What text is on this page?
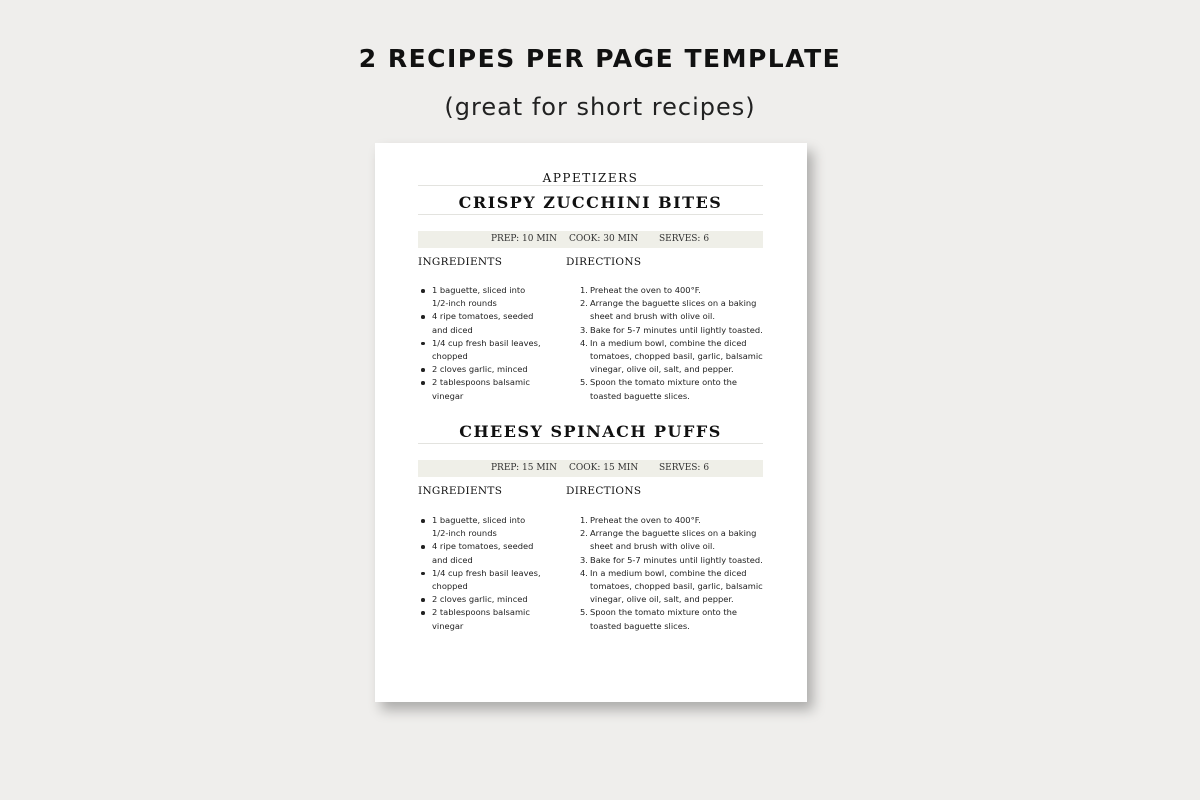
2 RECIPES PER PAGE TEMPLATE
(great for short recipes)
APPETIZERS
CRISPY ZUCCHINI BITES
PREP: 10 MIN COOK: 30 MIN SERVES: 6
INGREDIENTS	DIRECTIONS
1 baguette, sliced into 1/2-inch rounds
4 ripe tomatoes, seeded and diced
1/4 cup fresh basil leaves, chopped
2 cloves garlic, minced
2 tablespoons balsamic vinegar
1. Preheat the oven to 400°F.
2. Arrange the baguette slices on a baking sheet and brush with olive oil.
3. Bake for 5-7 minutes until lightly toasted.
4. In a medium bowl, combine the diced tomatoes, chopped basil, garlic, balsamic vinegar, olive oil, salt, and pepper.
5. Spoon the tomato mixture onto the toasted baguette slices.
CHEESY SPINACH PUFFS
PREP: 15 MIN COOK: 15 MIN SERVES: 6
INGREDIENTS	DIRECTIONS
1 baguette, sliced into 1/2-inch rounds
4 ripe tomatoes, seeded and diced
1/4 cup fresh basil leaves, chopped
2 cloves garlic, minced
2 tablespoons balsamic vinegar
1. Preheat the oven to 400°F.
2. Arrange the baguette slices on a baking sheet and brush with olive oil.
3. Bake for 5-7 minutes until lightly toasted.
4. In a medium bowl, combine the diced tomatoes, chopped basil, garlic, balsamic vinegar, olive oil, salt, and pepper.
5. Spoon the tomato mixture onto the toasted baguette slices.
